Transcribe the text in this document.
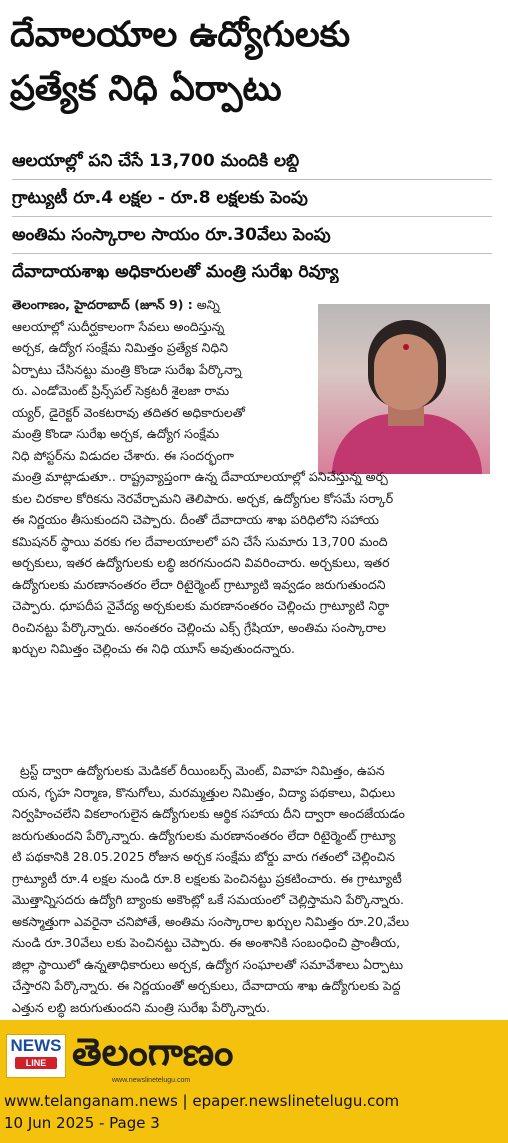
దేవాలయాల ఉద్యోగులకు
ప్రత్యేక నిధి ఏర్పాటు
ఆలయాల్లో పని చేసే 13,700 మందికి లబ్ధి
గ్రాట్యుటీ రూ.4 లక్షల - రూ.8 లక్షలకు పెంపు
అంతిమ సంస్కారాల సాయం రూ.30వేలు పెంపు
దేవాదాయశాఖ అధికారులతో మంత్రి సురేఖ రివ్యూ
తెలంగాణం, హైదరాబాద్ (జూన్ 9) : అన్ని
ఆలయాల్లో సుదీర్ఘకాలంగా సేవలు అందిస్తున్న
అర్చక, ఉద్యోగ సంక్షేమ నిమిత్తం ప్రత్యేక నిధిని
ఏర్పాటు చేసినట్టు మంత్రి కొండా సురేఖ పేర్కొన్నా
రు. ఎండోమెంట్ ప్రిన్స్‌పల్ సెక్రటరీ శైలజా రామ
య్యర్, డైరెక్టర్ వెంకటరావు తదితర అధికారులతో
మంత్రి కొండా సురేఖ అర్చక, ఉద్యోగ సంక్షేమ
నిధి పోస్టర్‌ను విడుదల చేశారు. ఈ సందర్భంగా
మంత్రి మాట్లాడుతూ.. రాష్ట్రవ్యాప్తంగా ఉన్న దేవాయాలయాల్లో పనిచేస్తున్న అర్చ
కుల చిరకాల కోరికను నెరవేర్చామని తెలిపారు. అర్చక, ఉద్యోగుల కోసమే సర్కార్
ఈ నిర్ణయం తీసుకుందని చెప్పారు. దీంతో దేవాదాయ శాఖ పరిధిలోని సహాయ
కమిషనర్ స్థాయి వరకు గల దేవాలయాలలో పని చేసే సుమారు 13,700 మంది
అర్చకులు, ఇతర ఉద్యోగులకు లబ్ధి జరగనుందని వివరించారు. అర్చకులు, ఇతర
ఉద్యోగులకు మరణానంతరం లేదా రిటైర్మెంట్ గ్రాట్యూటి ఇవ్వడం జరుగుతుందని
చెప్పారు. ధూపదీప నైవేద్య అర్చకులకు మరణానంతరం చెల్లించు గ్రాట్యూటి నిర్ధా
రించినట్టు పేర్కొన్నారు. అనంతరం చెల్లించు ఎక్స్ గ్రేషియా, అంతిమ సంస్కారాల
ఖర్చుల నిమిత్తం చెల్లించు ఈ నిధి యూస్ అవుతుందన్నారు.
ట్రస్ట్ ద్వారా ఉద్యోగులకు మెడికల్ రీయింబర్స్ మెంట్, వివాహ నిమిత్తం, ఉపన
యన, గృహ నిర్మాణ, కొనుగోలు, మరమ్మత్తుల నిమిత్తం, విద్యా పథకాలు, విధులు
నిర్వహించలేని వికలాంగులైన ఉద్యోగులకు ఆర్థిక సహాయ దీని ద్వారా అందజేయడం
జరుగుతుందని పేర్కొన్నారు. ఉద్యోగులకు మరణానంతరం లేదా రిటైర్మెంట్ గ్రాట్యూ
టి పథకానికి 28.05.2025 రోజున అర్చక సంక్షేమ బోర్డు వారు గతంలో చెల్లించిన
గ్రాట్యూటీ రూ.4 లక్షల నుండి రూ.8 లక్షలకు పెంచినట్టు ప్రకటించారు. ఈ గ్రాట్యూటీ
మొత్తాన్నిసదరు ఉద్యోగి బ్యాంకు అకౌంట్లో ఒకే సమయంలో చెల్లిస్తామని పేర్కొన్నారు.
అకస్మాత్తుగా ఎవరైనా చనిపోతే, అంతిమ సంస్కారాల ఖర్చుల నిమిత్తం రూ.20,వేలు
నుండి రూ.30వేలు లకు పెంచినట్టు చెప్పారు. ఈ అంశానికి సంబంధించి ప్రాంతీయ,
జిల్లా స్థాయిలో ఉన్నతాధికారులు అర్చక, ఉద్యోగ సంఘాలతో సమావేశాలు ఏర్పాటు
చేస్తారని పేర్కొన్నారు. ఈ నిర్ణయంతో అర్చకులు, దేవాదాయ శాఖ ఉద్యోగులకు పెద్ద
ఎత్తున లబ్ధి జరుగుతుందని మంత్రి సురేఖ పేర్కొన్నారు.
NEWS
LINE తెలంగాణం
www.newslinetelugu.com
www.telanganam.news | epaper.newslinetelugu.com
10 Jun 2025 - Page 3
